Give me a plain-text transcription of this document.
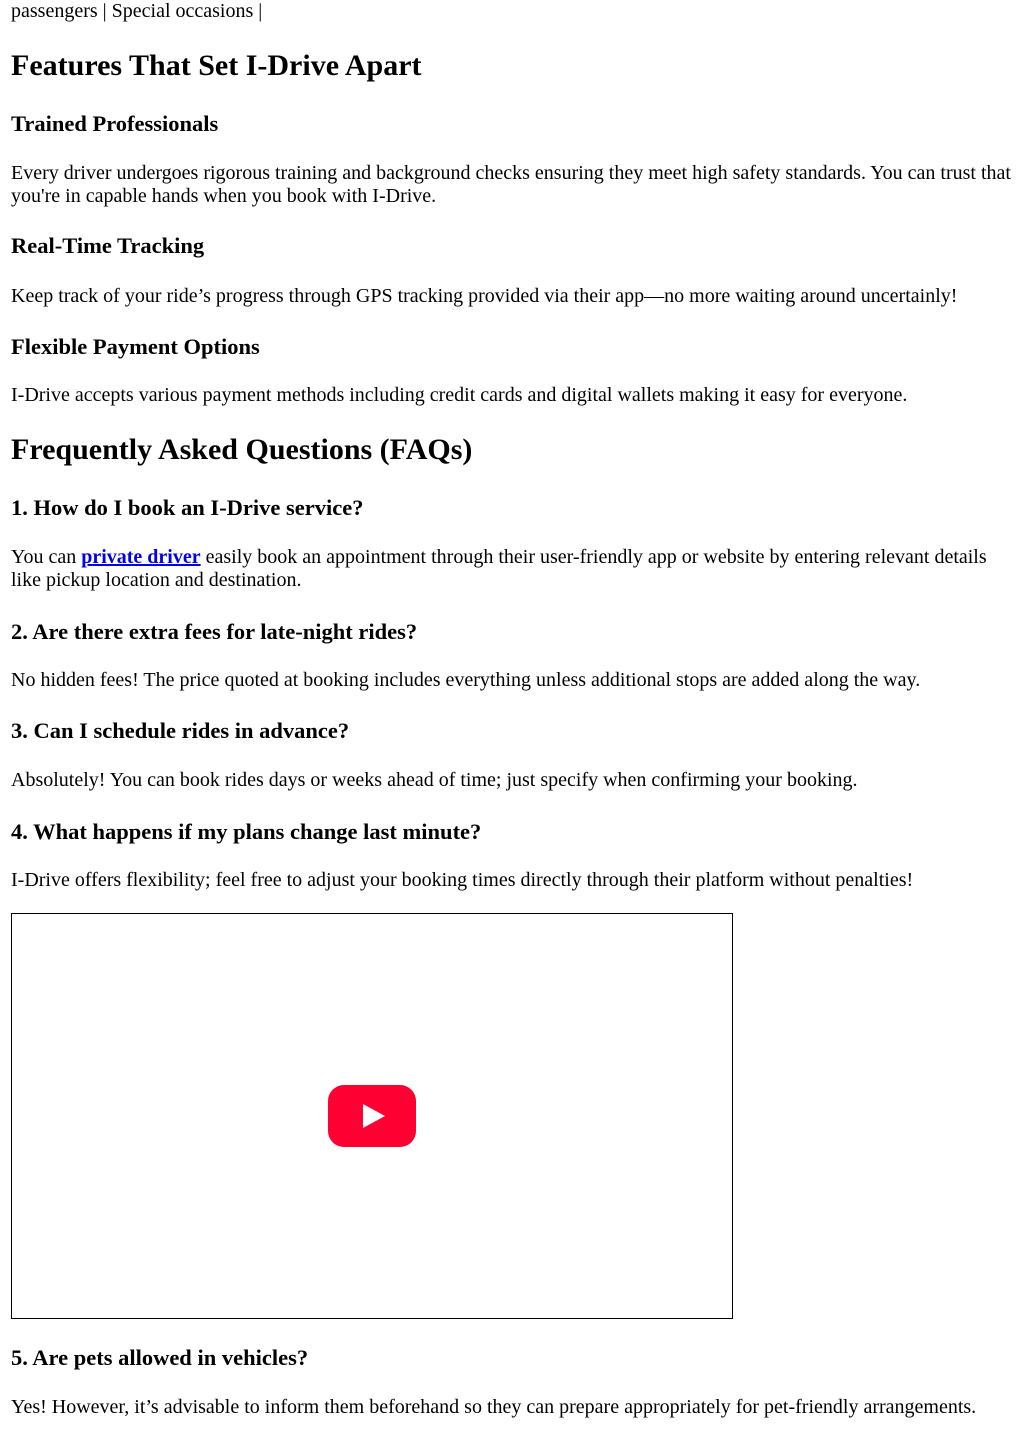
passengers | Special occasions |

Features That Set I-Drive Apart
Trained Professionals

Every driver undergoes rigorous training and background checks ensuring they meet high safety standards. You can trust that you're in capable hands when you book with I-Drive.

Real-Time Tracking

Keep track of your ride’s progress through GPS tracking provided via their app—no more waiting around uncertainly!

Flexible Payment Options

I-Drive accepts various payment methods including credit cards and digital wallets making it easy for everyone.

Frequently Asked Questions (FAQs)
1. How do I book an I-Drive service?

You can private driver easily book an appointment through their user-friendly app or website by entering relevant details like pickup location and destination.

2. Are there extra fees for late-night rides?

No hidden fees! The price quoted at booking includes everything unless additional stops are added along the way.

3. Can I schedule rides in advance?

Absolutely! You can book rides days or weeks ahead of time; just specify when confirming your booking.

4. What happens if my plans change last minute?

I-Drive offers flexibility; feel free to adjust your booking times directly through their platform without penalties!

5. Are pets allowed in vehicles?

Yes! However, it’s advisable to inform them beforehand so they can prepare appropriately for pet-friendly arrangements.
